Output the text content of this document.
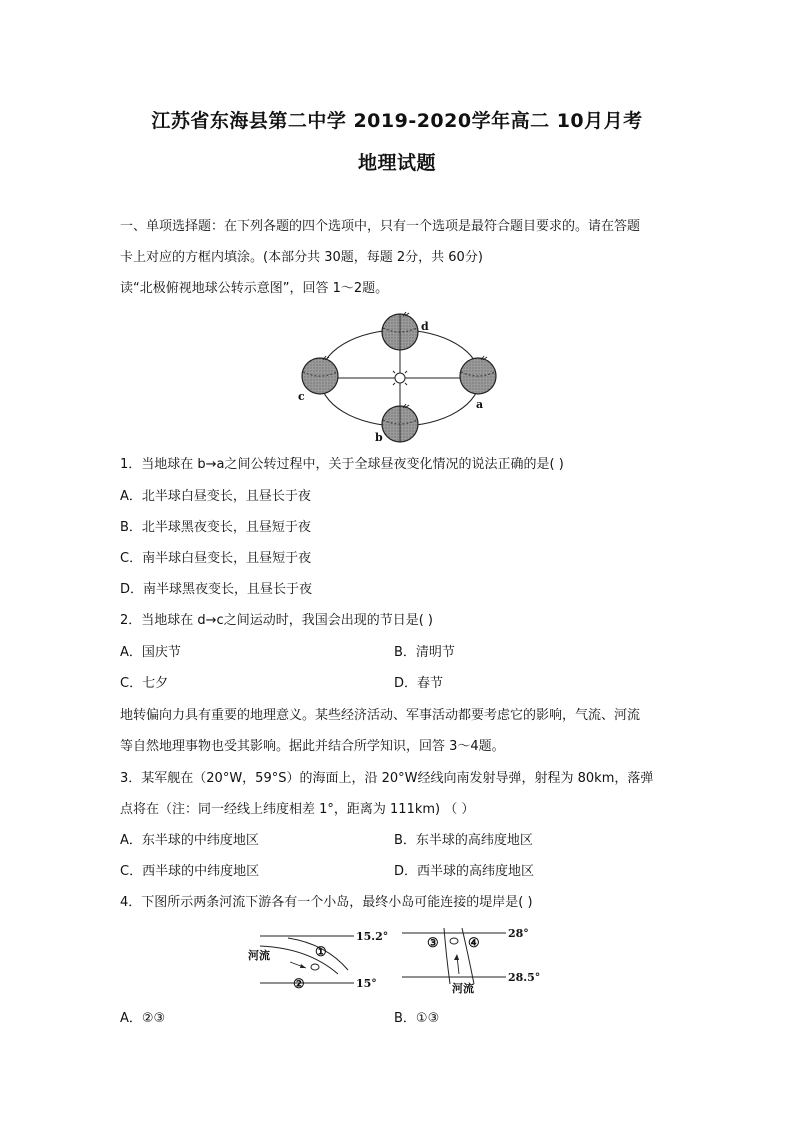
江苏省东海县第二中学 2019-2020学年高二 10月月考
地理试题
一、单项选择题：在下列各题的四个选项中，只有一个选项是最符合题目要求的。请在答题
卡上对应的方框内填涂。(本部分共 30题，每题 2分，共 60分)
读“北极俯视地球公转示意图”，回答 1～2题。
d
c
a
b
1．当地球在 b→a之间公转过程中，关于全球昼夜变化情况的说法正确的是( )
A．北半球白昼变长，且昼长于夜
B．北半球黑夜变长，且昼短于夜
C．南半球白昼变长，且昼短于夜
D．南半球黑夜变长，且昼长于夜
2．当地球在 d→c之间运动时，我国会出现的节日是( )
A．国庆节	B．清明节
C．七夕	D．春节
地转偏向力具有重要的地理意义。某些经济活动、军事活动都要考虑它的影响，气流、河流
等自然地理事物也受其影响。据此并结合所学知识，回答 3～4题。
3．某军舰在（20°W，59°S）的海面上，沿 20°W经线向南发射导弹，射程为 80km，落弹
点将在（注：同一经线上纬度相差 1°，距离为 111km) （ ）
A．东半球的中纬度地区	B．东半球的高纬度地区
C．西半球的中纬度地区	D．西半球的高纬度地区
4．下图所示两条河流下游各有一个小岛，最终小岛可能连接的堤岸是( )
15.2°
15°
河流	①
②
③ ④
28°
28.5°
河流
A．②③	B．①③
